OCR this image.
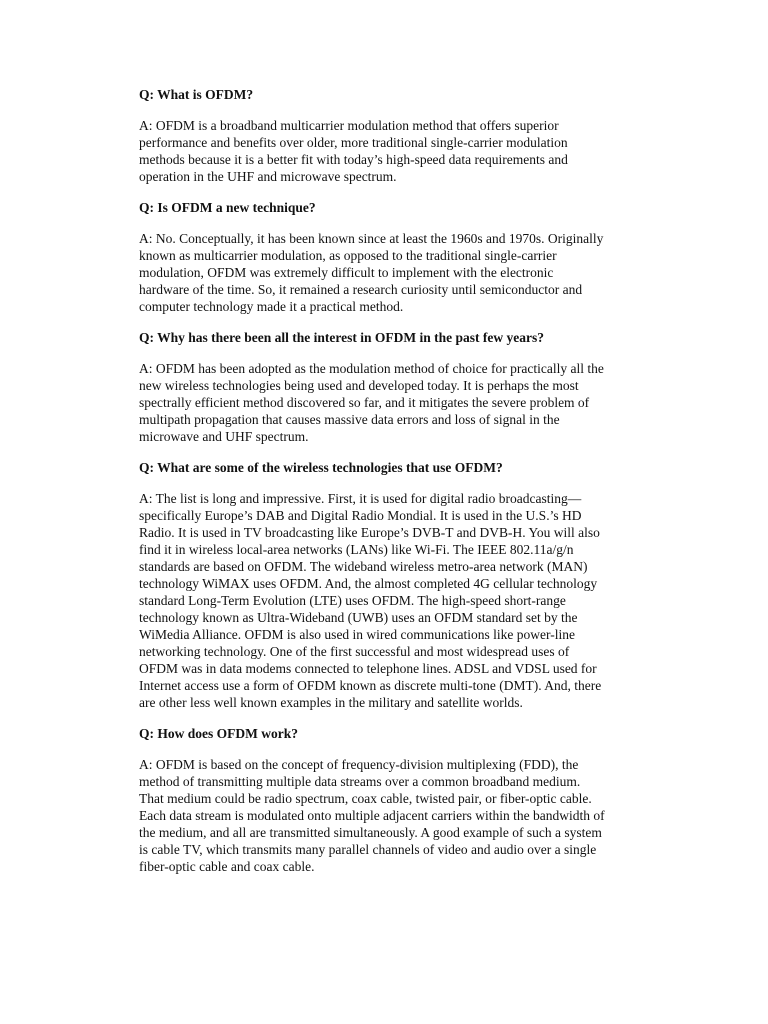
Q: What is OFDM?

A: OFDM is a broadband multicarrier modulation method that offers superior
performance and benefits over older, more traditional single-carrier modulation
methods because it is a better fit with today’s high-speed data requirements and
operation in the UHF and microwave spectrum.

Q: Is OFDM a new technique?

A: No. Conceptually, it has been known since at least the 1960s and 1970s. Originally
known as multicarrier modulation, as opposed to the traditional single-carrier
modulation, OFDM was extremely difficult to implement with the electronic
hardware of the time. So, it remained a research curiosity until semiconductor and
computer technology made it a practical method.

Q: Why has there been all the interest in OFDM in the past few years?

A: OFDM has been adopted as the modulation method of choice for practically all the
new wireless technologies being used and developed today. It is perhaps the most
spectrally efficient method discovered so far, and it mitigates the severe problem of
multipath propagation that causes massive data errors and loss of signal in the
microwave and UHF spectrum.

Q: What are some of the wireless technologies that use OFDM?

A: The list is long and impressive. First, it is used for digital radio broadcasting—
specifically Europe’s DAB and Digital Radio Mondial. It is used in the U.S.’s HD
Radio. It is used in TV broadcasting like Europe’s DVB-T and DVB-H. You will also
find it in wireless local-area networks (LANs) like Wi-Fi. The IEEE 802.11a/g/n
standards are based on OFDM. The wideband wireless metro-area network (MAN)
technology WiMAX uses OFDM. And, the almost completed 4G cellular technology
standard Long-Term Evolution (LTE) uses OFDM. The high-speed short-range
technology known as Ultra-Wideband (UWB) uses an OFDM standard set by the
WiMedia Alliance. OFDM is also used in wired communications like power-line
networking technology. One of the first successful and most widespread uses of
OFDM was in data modems connected to telephone lines. ADSL and VDSL used for
Internet access use a form of OFDM known as discrete multi-tone (DMT). And, there
are other less well known examples in the military and satellite worlds.

Q: How does OFDM work?

A: OFDM is based on the concept of frequency-division multiplexing (FDD), the
method of transmitting multiple data streams over a common broadband medium.
That medium could be radio spectrum, coax cable, twisted pair, or fiber-optic cable.
Each data stream is modulated onto multiple adjacent carriers within the bandwidth of
the medium, and all are transmitted simultaneously. A good example of such a system
is cable TV, which transmits many parallel channels of video and audio over a single
fiber-optic cable and coax cable.
